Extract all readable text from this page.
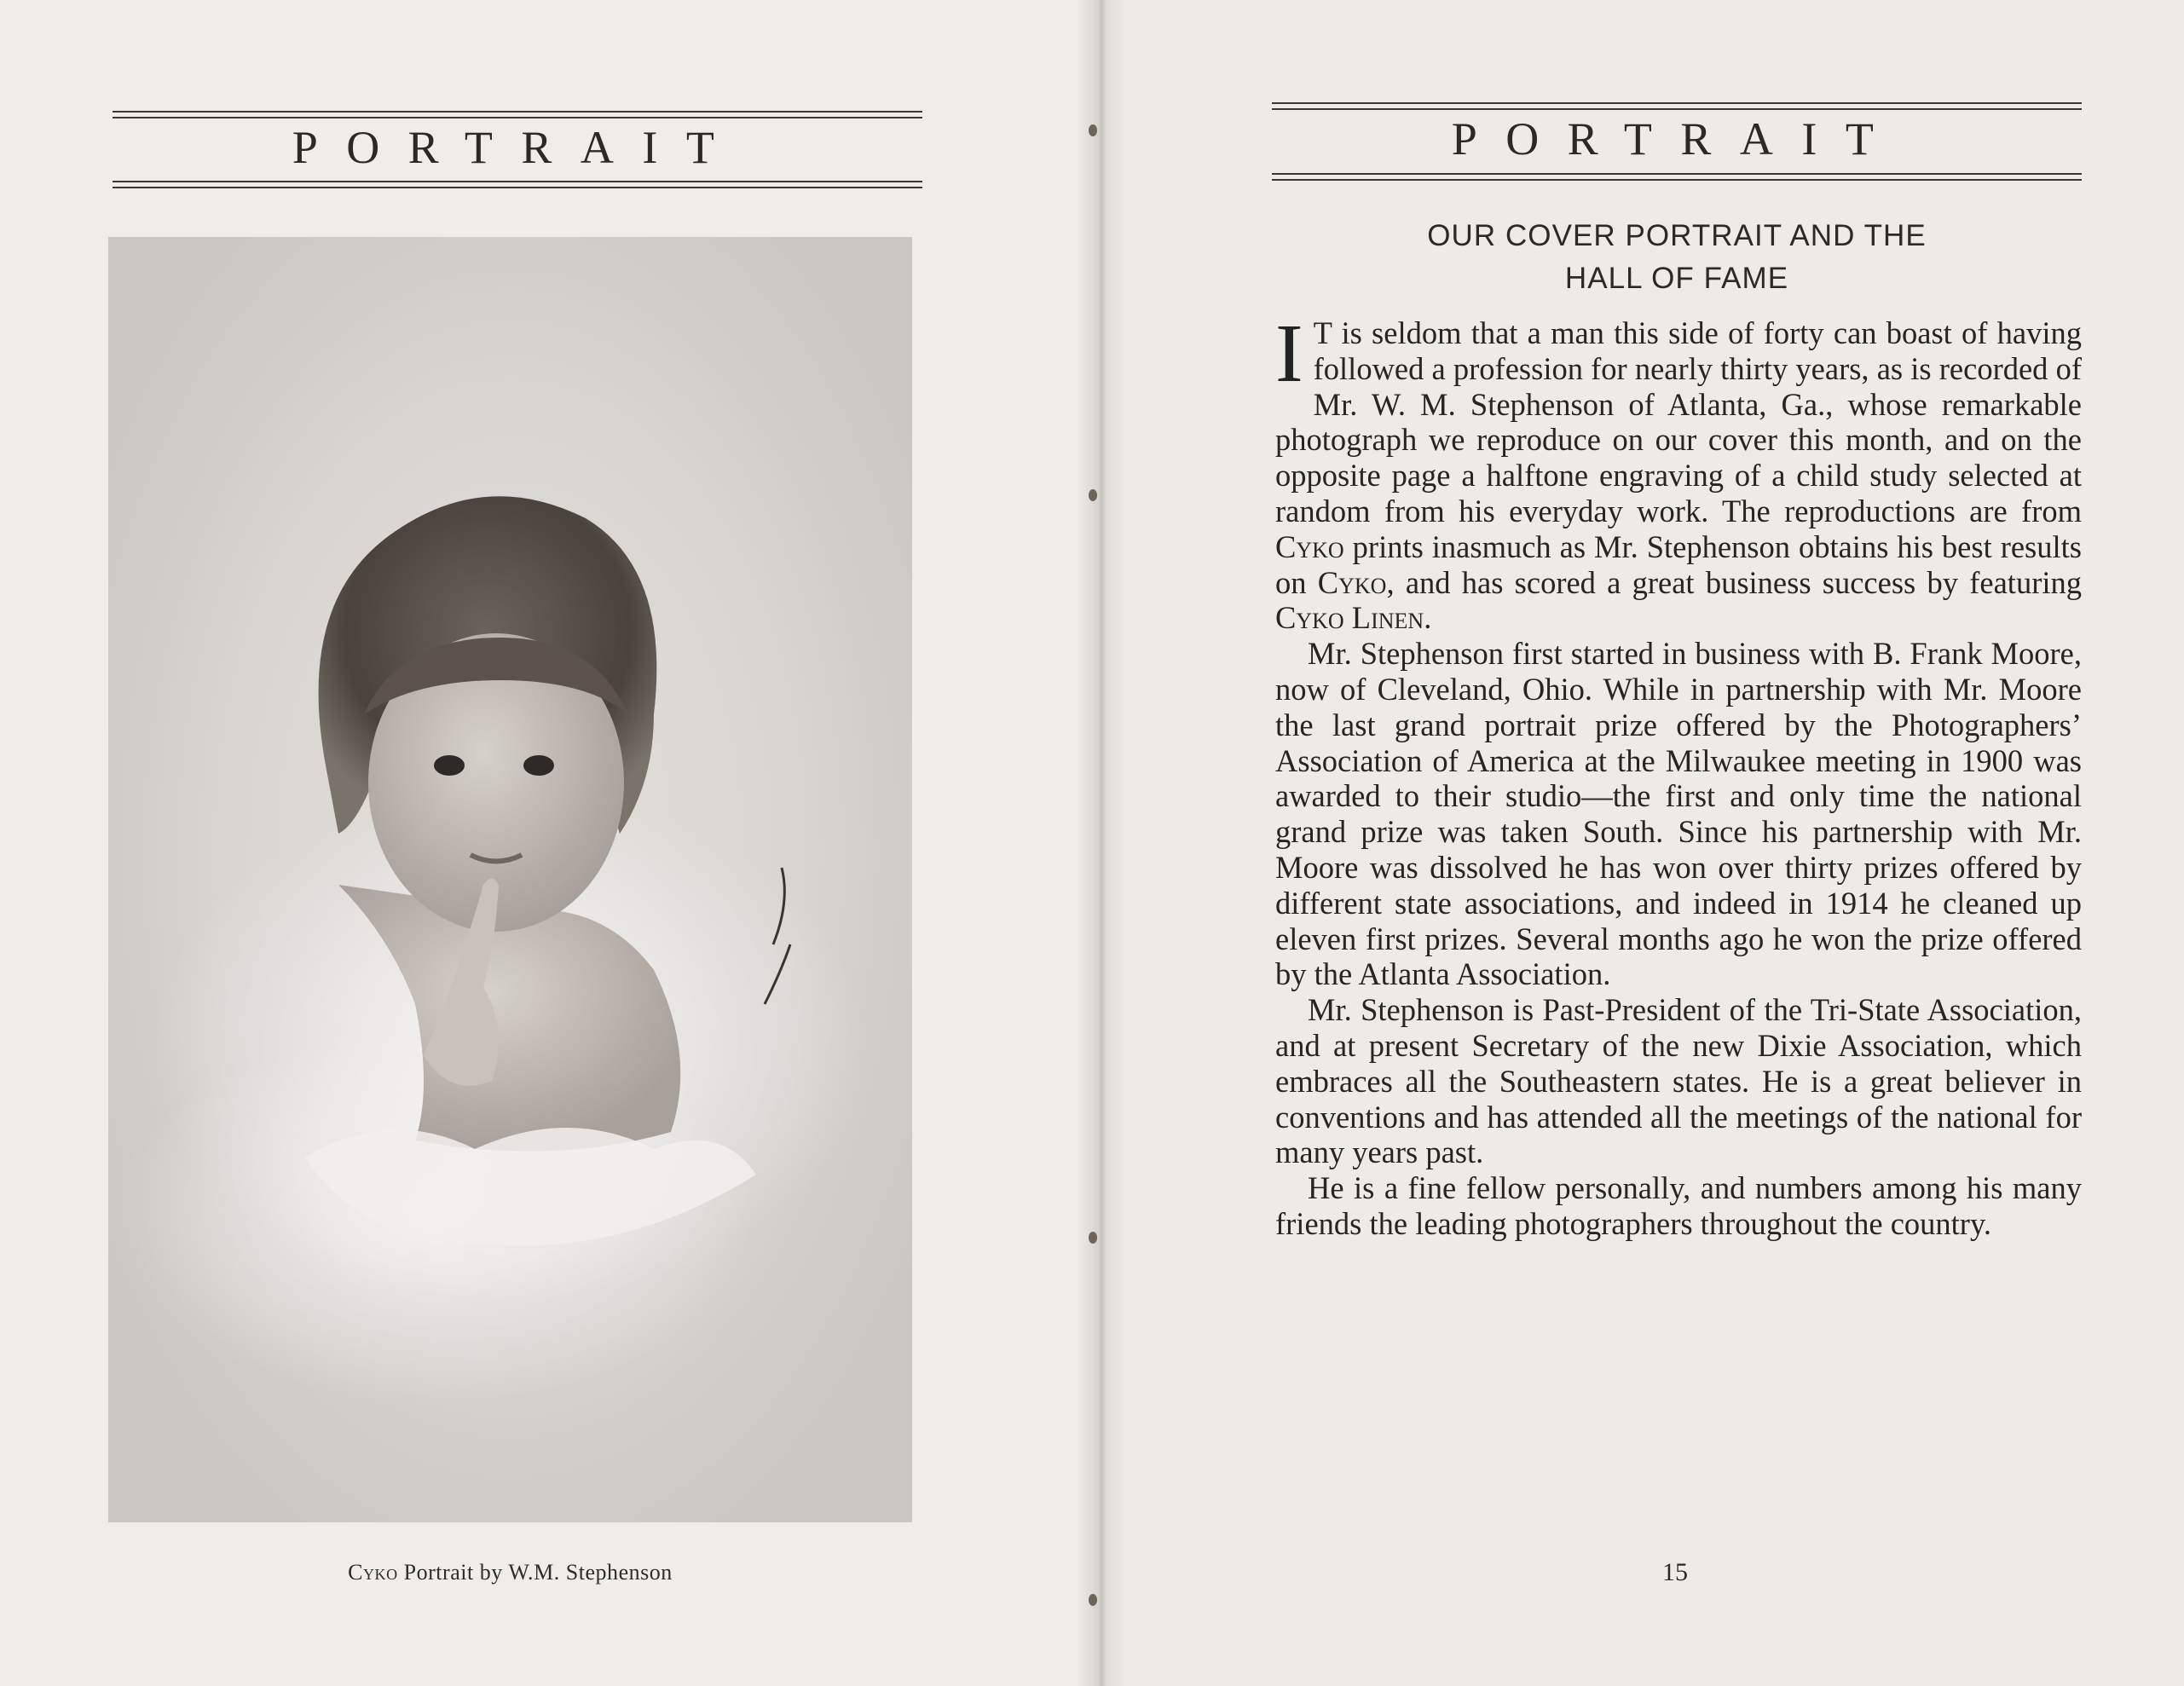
PORTRAIT
Cyko Portrait by W.M. Stephenson
PORTRAIT
OUR COVER PORTRAIT AND THE
HALL OF FAME

I T is seldom that a man this side of forty can boast of having followed a profession for nearly thirty years, as is recorded of Mr. W. M. Stephenson of Atlanta, Ga., whose remarkable photograph we reproduce on our cover this month, and on the opposite page a halftone engraving of a child study selected at random from his everyday work. The reproductions are from Cyko prints inasmuch as Mr. Stephenson obtains his best results on Cyko, and has scored a great business success by featuring Cyko Linen.

Mr. Stephenson first started in business with B. Frank Moore, now of Cleveland, Ohio. While in partnership with Mr. Moore the last grand portrait prize offered by the Photographers’ Association of America at the Milwaukee meeting in 1900 was awarded to their studio—the first and only time the national grand prize was taken South. Since his partnership with Mr. Moore was dissolved he has won over thirty prizes offered by different state associations, and indeed in 1914 he cleaned up eleven first prizes. Several months ago he won the prize offered by the Atlanta Association.

Mr. Stephenson is Past-President of the Tri-State Association, and at present Secretary of the new Dixie Association, which embraces all the Southeastern states. He is a great believer in conventions and has attended all the meetings of the national for many years past.

He is a fine fellow personally, and numbers among his many friends the leading photographers throughout the country.

15
